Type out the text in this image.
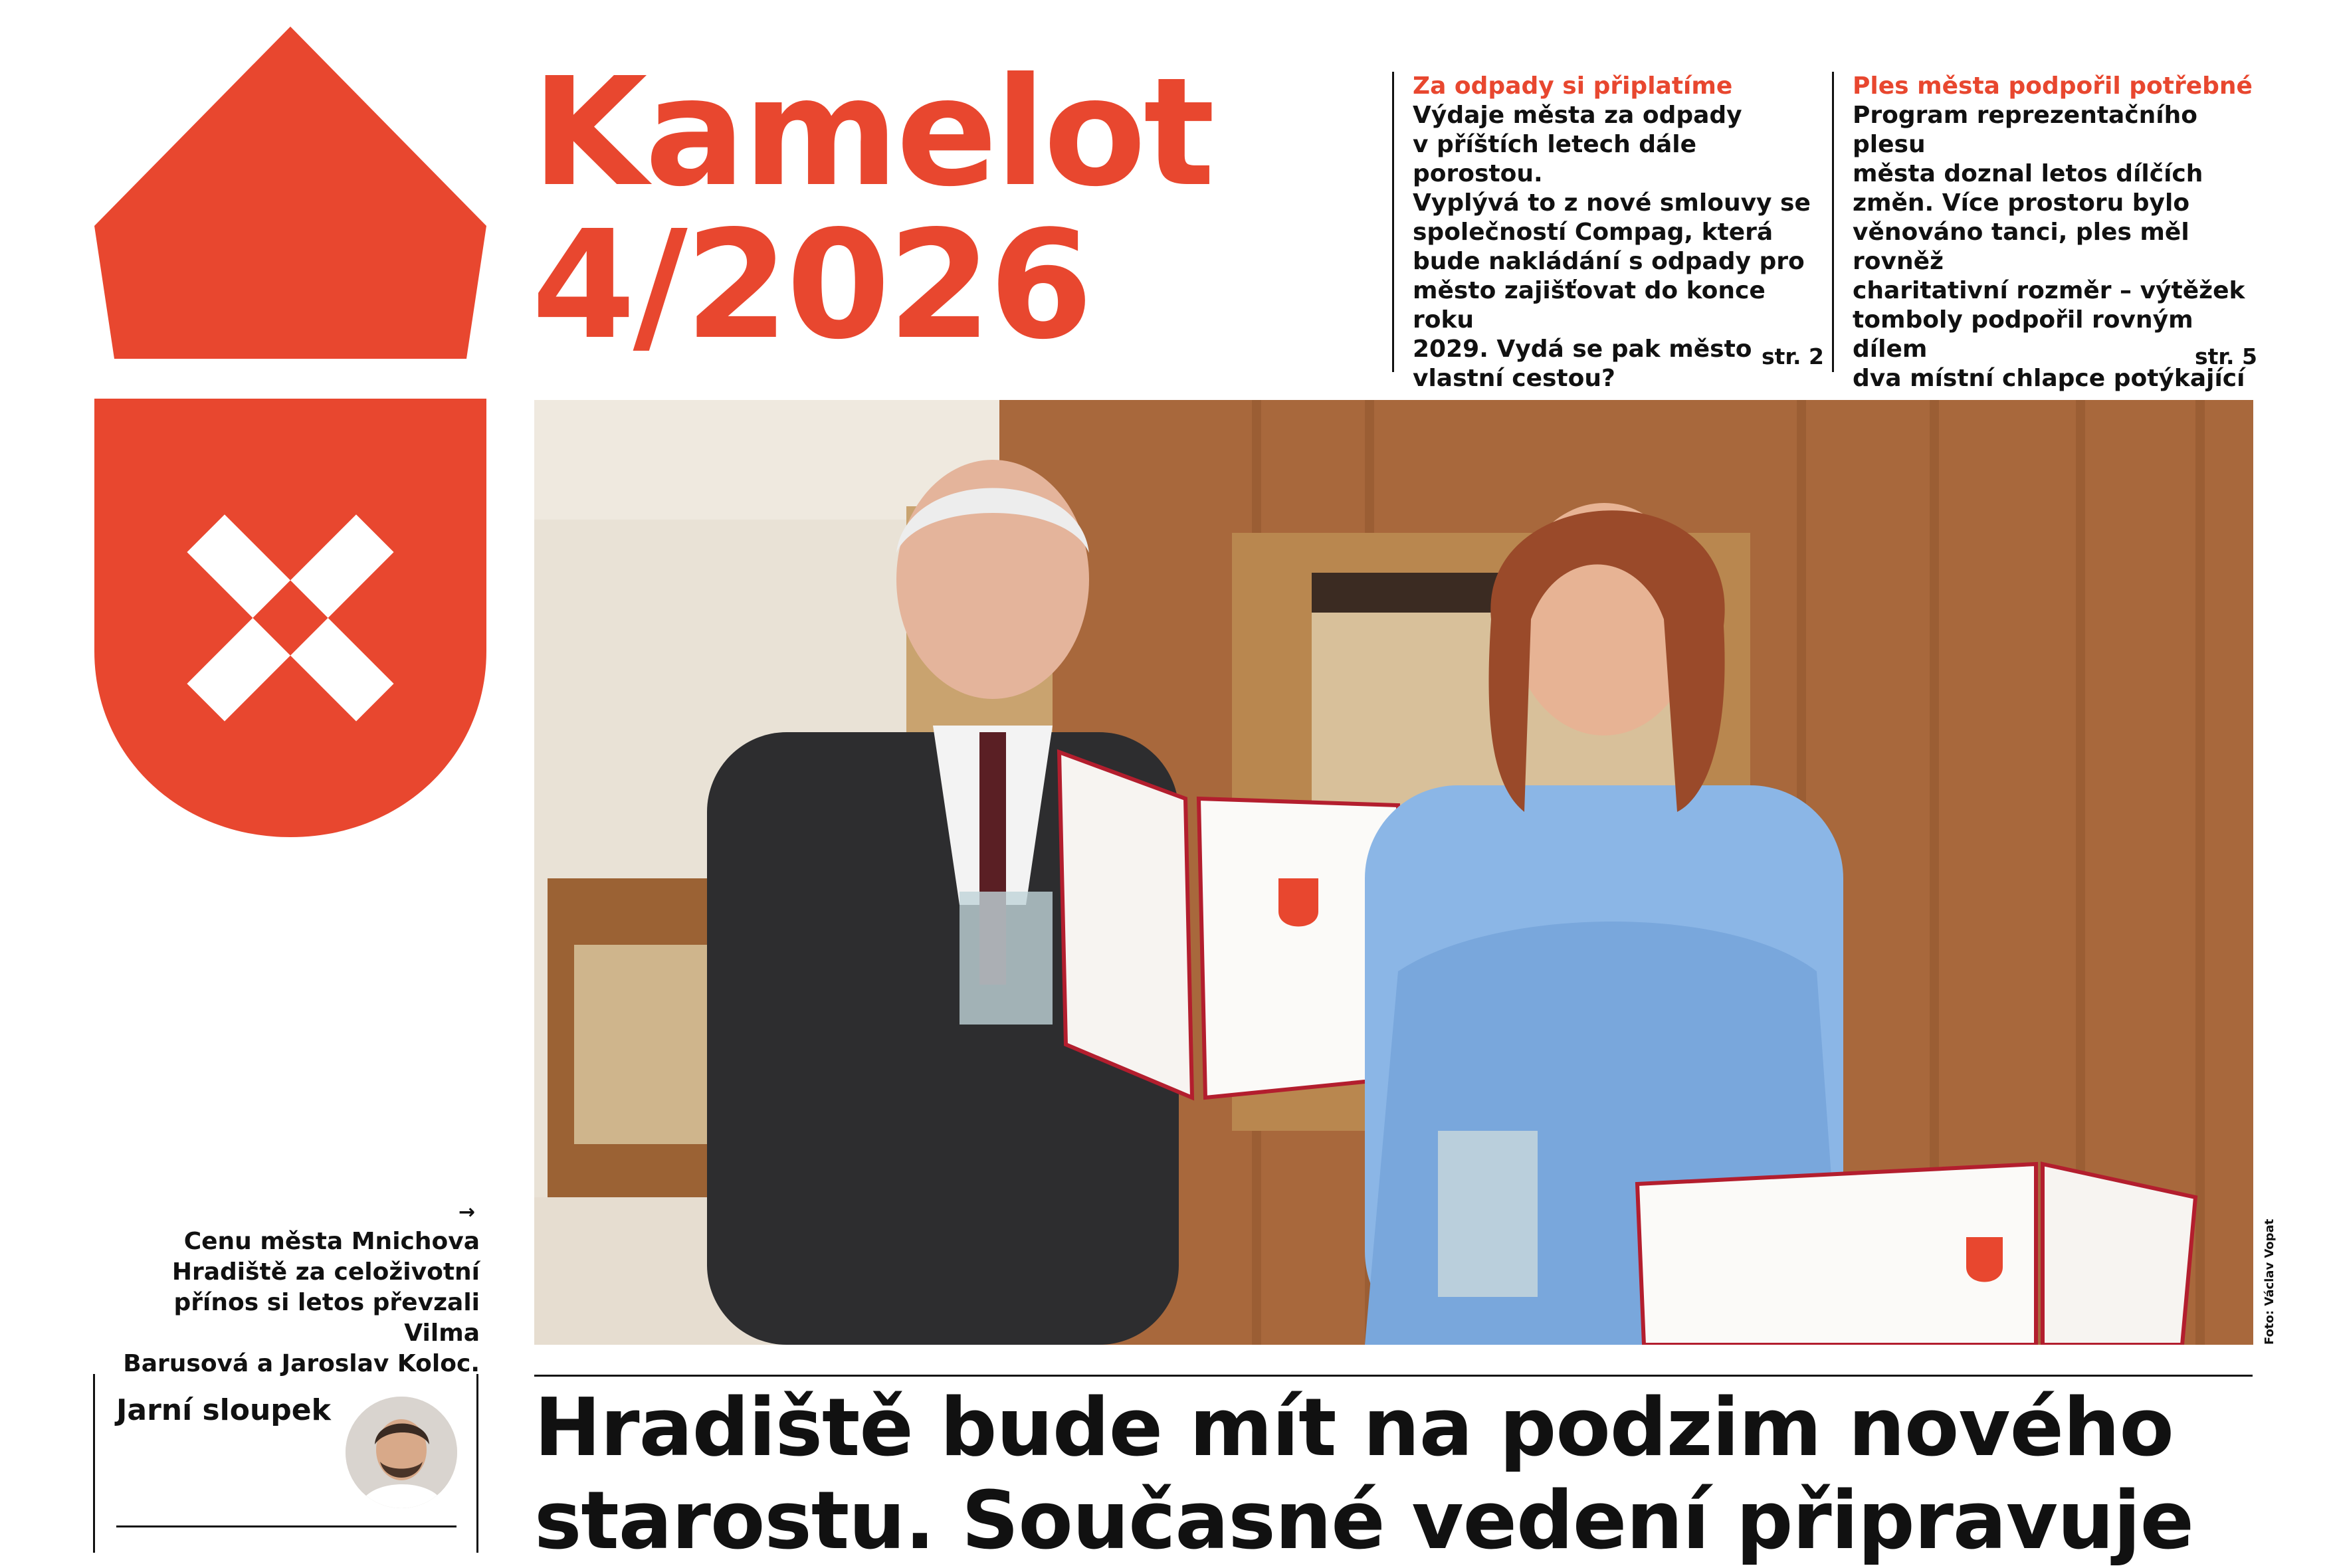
Kamelot
4/2026
Za odpady si připlatíme
Výdaje města za odpady
v příštích letech dále porostou.
Vyplývá to z nové smlouvy se
společností Compag, která
bude nakládání s odpady pro
město zajišťovat do konce roku
2029. Vydá se pak město
vlastní cestou?
str. 2
Ples města podpořil potřebné
Program reprezentačního plesu
města doznal letos dílčích
změn. Více prostoru bylo
věnováno tanci, ples měl rovněž
charitativní rozměr – výtěžek
tomboly podpořil rovným dílem
dva místní chlapce potýkající

str. 5
Foto: Václav Vopat
→
Cenu města Mnichova
Hradiště za celoživotní
přínos si letos převzali Vilma
Barusová a Jaroslav Koloc.
Jarní sloupek	Hradiště bude mít na podzim nového
starostu. Současné vedení připravuje
